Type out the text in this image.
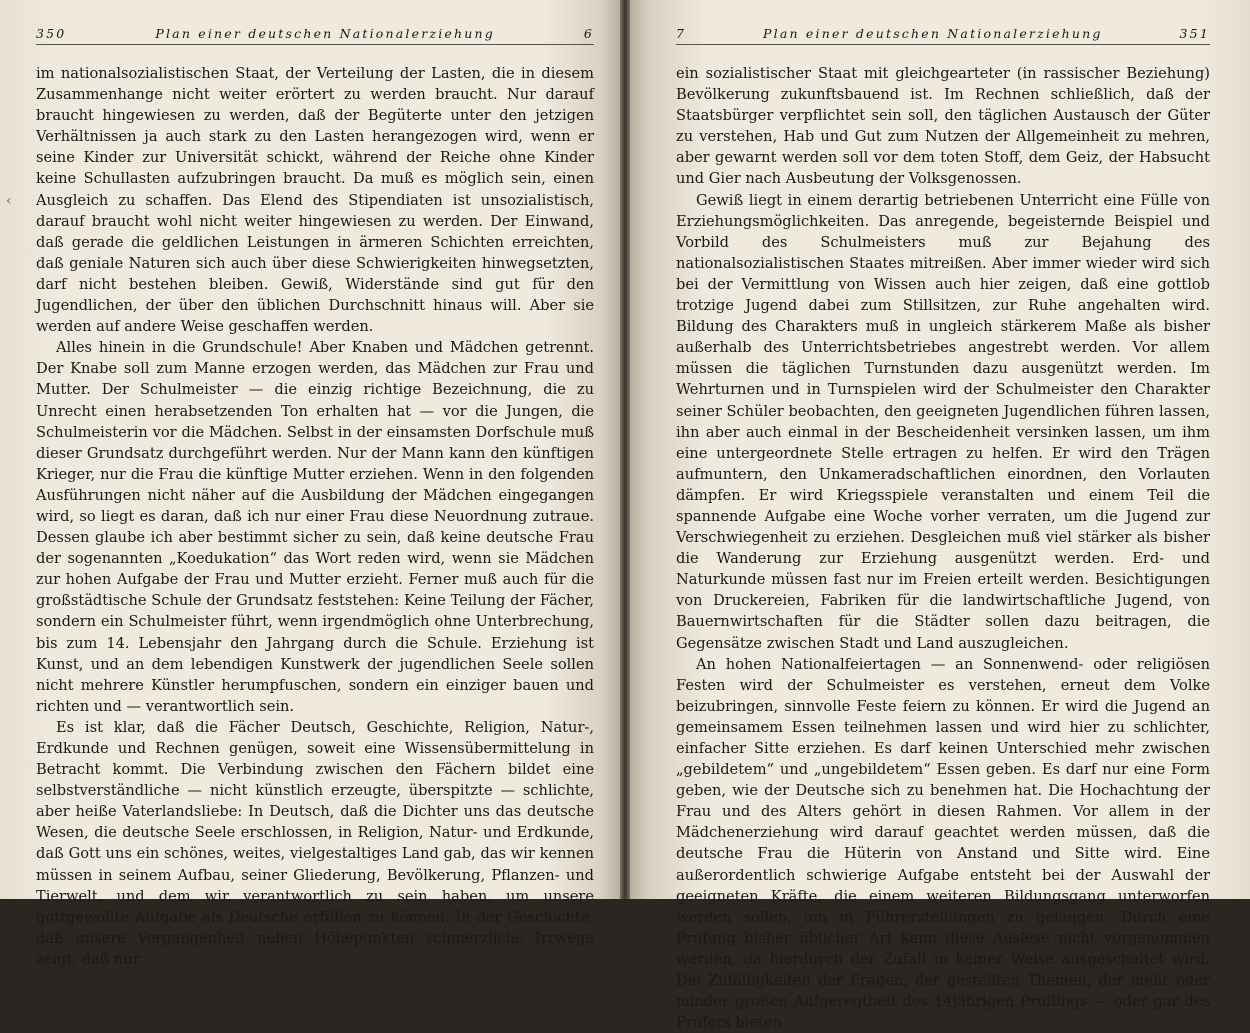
350	Plan einer deutschen Nationalerziehung	6

im nationalsozialistischen Staat, der Verteilung der Lasten, die in diesem Zusammenhange nicht weiter erörtert zu werden braucht. Nur darauf braucht hingewiesen zu werden, daß der Begüterte unter den jetzigen Verhältnissen ja auch stark zu den Lasten herangezogen wird, wenn er seine Kinder zur Universität schickt, während der Reiche ohne Kinder keine Schullasten aufzubringen braucht. Da muß es möglich sein, einen Ausgleich zu schaffen. Das Elend des Stipendiaten ist unsozialistisch, darauf braucht wohl nicht weiter hingewiesen zu werden. Der Einwand, daß gerade die geldlichen Leistungen in ärmeren Schichten erreichten, daß geniale Naturen sich auch über diese Schwierigkeiten hinwegsetzten, darf nicht bestehen bleiben. Gewiß, Widerstände sind gut für den Jugendlichen, der über den üblichen Durchschnitt hinaus will. Aber sie werden auf andere Weise geschaffen werden.

Alles hinein in die Grundschule! Aber Knaben und Mädchen getrennt. Der Knabe soll zum Manne erzogen werden, das Mädchen zur Frau und Mutter. Der Schulmeister — die einzig richtige Bezeichnung, die zu Unrecht einen herabsetzenden Ton erhalten hat — vor die Jungen, die Schulmeisterin vor die Mädchen. Selbst in der einsamsten Dorfschule muß dieser Grundsatz durchgeführt werden. Nur der Mann kann den künftigen Krieger, nur die Frau die künftige Mutter erziehen. Wenn in den folgenden Ausführungen nicht näher auf die Ausbildung der Mädchen eingegangen wird, so liegt es daran, daß ich nur einer Frau diese Neuordnung zutraue. Dessen glaube ich aber bestimmt sicher zu sein, daß keine deutsche Frau der sogenannten „Koedukation“ das Wort reden wird, wenn sie Mädchen zur hohen Aufgabe der Frau und Mutter erzieht. Ferner muß auch für die großstädtische Schule der Grundsatz feststehen: Keine Teilung der Fächer, sondern ein Schulmeister führt, wenn irgendmöglich ohne Unterbrechung, bis zum 14. Lebensjahr den Jahrgang durch die Schule. Erziehung ist Kunst, und an dem lebendigen Kunstwerk der jugendlichen Seele sollen nicht mehrere Künstler herumpfuschen, sondern ein einziger bauen und richten und — verantwortlich sein.

Es ist klar, daß die Fächer Deutsch, Geschichte, Religion, Natur-, Erdkunde und Rechnen genügen, soweit eine Wissensübermittelung in Betracht kommt. Die Verbindung zwischen den Fächern bildet eine selbstverständliche — nicht künstlich erzeugte, überspitzte — schlichte, aber heiße Vaterlandsliebe: In Deutsch, daß die Dichter uns das deutsche Wesen, die deutsche Seele erschlossen, in Religion, Natur- und Erdkunde, daß Gott uns ein schönes, weites, vielgestaltiges Land gab, das wir kennen müssen in seinem Aufbau, seiner Gliederung, Bevölkerung, Pflanzen- und Tierwelt, und dem wir verantwortlich zu sein haben, um unsere gottgewollte Aufgabe als Deutsche erfüllen zu können. In der Geschichte, daß unsere Vergangenheit neben Höhepunkten schmerzliche Irrwege zeigt, daß nur

‹
7	Plan einer deutschen Nationalerziehung	351

ein sozialistischer Staat mit gleichgearteter (in rassischer Beziehung) Bevölkerung zukunftsbauend ist. Im Rechnen schließlich, daß der Staatsbürger verpflichtet sein soll, den täglichen Austausch der Güter zu verstehen, Hab und Gut zum Nutzen der Allgemeinheit zu mehren, aber gewarnt werden soll vor dem toten Stoff, dem Geiz, der Habsucht und Gier nach Ausbeutung der Volksgenossen.

Gewiß liegt in einem derartig betriebenen Unterricht eine Fülle von Erziehungsmöglichkeiten. Das anregende, begeisternde Beispiel und Vorbild des Schulmeisters muß zur Bejahung des nationalsozialistischen Staates mitreißen. Aber immer wieder wird sich bei der Vermittlung von Wissen auch hier zeigen, daß eine gottlob trotzige Jugend dabei zum Stillsitzen, zur Ruhe angehalten wird. Bildung des Charakters muß in ungleich stärkerem Maße als bisher außerhalb des Unterrichtsbetriebes angestrebt werden. Vor allem müssen die täglichen Turnstunden dazu ausgenützt werden. Im Wehrturnen und in Turnspielen wird der Schulmeister den Charakter seiner Schüler beobachten, den geeigneten Jugendlichen führen lassen, ihn aber auch einmal in der Bescheidenheit versinken lassen, um ihm eine untergeordnete Stelle ertragen zu helfen. Er wird den Trägen aufmuntern, den Unkameradschaftlichen einordnen, den Vorlauten dämpfen. Er wird Kriegsspiele veranstalten und einem Teil die spannende Aufgabe eine Woche vorher verraten, um die Jugend zur Verschwiegenheit zu erziehen. Desgleichen muß viel stärker als bisher die Wanderung zur Erziehung ausgenützt werden. Erd- und Naturkunde müssen fast nur im Freien erteilt werden. Besichtigungen von Druckereien, Fabriken für die landwirtschaftliche Jugend, von Bauernwirtschaften für die Städter sollen dazu beitragen, die Gegensätze zwischen Stadt und Land auszugleichen.

An hohen Nationalfeiertagen — an Sonnenwend- oder religiösen Festen wird der Schulmeister es verstehen, erneut dem Volke beizubringen, sinnvolle Feste feiern zu können. Er wird die Jugend an gemeinsamem Essen teilnehmen lassen und wird hier zu schlichter, einfacher Sitte erziehen. Es darf keinen Unterschied mehr zwischen „gebildetem“ und „ungebildetem“ Essen geben. Es darf nur eine Form geben, wie der Deutsche sich zu benehmen hat. Die Hochachtung der Frau und des Alters gehört in diesen Rahmen. Vor allem in der Mädchenerziehung wird darauf geachtet werden müssen, daß die deutsche Frau die Hüterin von Anstand und Sitte wird. Eine außerordentlich schwierige Aufgabe entsteht bei der Auswahl der geeigneten Kräfte, die einem weiteren Bildungsgang unterworfen werden sollen, um in Führerstellungen zu gelangen. Durch eine Prüfung bisher üblicher Art kann diese Auslese nicht vorgenommen werden, da hierdurch der Zufall in keiner Weise ausgeschaltet wird. Die Zufälligkeiten der Fragen, der gestellten Themen, der mehr oder minder großen Aufgeregtheit des 14jährigen Prüflings — oder gar des Prüfers bieten
